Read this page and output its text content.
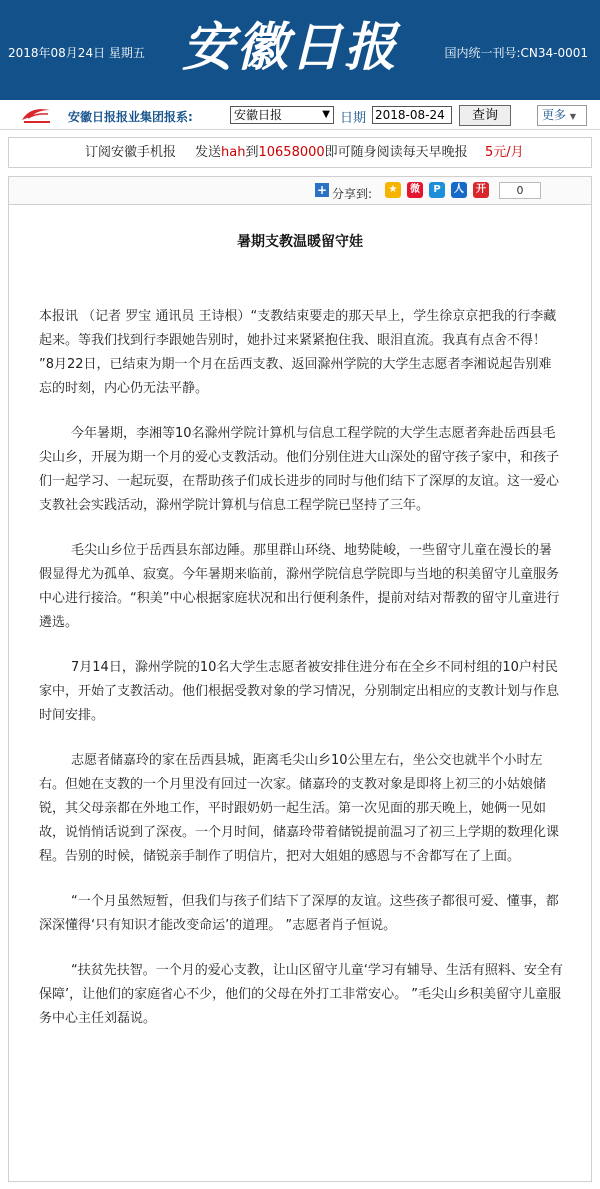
2018年08月24日 星期五 安徽日报	国内统一刊号:CN34-0001
安徽日报报业集团报系:	安徽日报	▼ 日期 2018-08-24	查询	更多 ▼
订阅安徽手机报 发送hah到10658000即可随身阅读每天早晚报 5元/月
+ 分享到:	★	微	P	人	开	0
暑期支教温暖留守娃

本报讯 （记者 罗宝 通讯员 王诗根）“支教结束要走的那天早上，学生徐京京把我的行李藏起来。等我们找到行李跟她告别时，她扑过来紧紧抱住我、眼泪直流。我真有点舍不得！ ”8月22日，已结束为期一个月在岳西支教、返回滁州学院的大学生志愿者李湘说起告别难忘的时刻，内心仍无法平静。

今年暑期，李湘等10名滁州学院计算机与信息工程学院的大学生志愿者奔赴岳西县毛尖山乡，开展为期一个月的爱心支教活动。他们分别住进大山深处的留守孩子家中，和孩子们一起学习、一起玩耍，在帮助孩子们成长进步的同时与他们结下了深厚的友谊。这一爱心支教社会实践活动，滁州学院计算机与信息工程学院已坚持了三年。

毛尖山乡位于岳西县东部边陲。那里群山环绕、地势陡峻，一些留守儿童在漫长的暑假显得尤为孤单、寂寞。今年暑期来临前，滁州学院信息学院即与当地的积美留守儿童服务中心进行接洽。“积美”中心根据家庭状况和出行便利条件，提前对结对帮教的留守儿童进行遴选。

7月14日，滁州学院的10名大学生志愿者被安排住进分布在全乡不同村组的10户村民家中，开始了支教活动。他们根据受教对象的学习情况，分别制定出相应的支教计划与作息时间安排。

志愿者储嘉玲的家在岳西县城，距离毛尖山乡10公里左右，坐公交也就半个小时左右。但她在支教的一个月里没有回过一次家。储嘉玲的支教对象是即将上初三的小姑娘储锐，其父母亲都在外地工作，平时跟奶奶一起生活。第一次见面的那天晚上，她俩一见如故，说悄悄话说到了深夜。一个月时间，储嘉玲带着储锐提前温习了初三上学期的数理化课程。告别的时候，储锐亲手制作了明信片，把对大姐姐的感恩与不舍都写在了上面。

“一个月虽然短暂，但我们与孩子们结下了深厚的友谊。这些孩子都很可爱、懂事，都深深懂得‘只有知识才能改变命运’的道理。 ”志愿者肖子恒说。

“扶贫先扶智。一个月的爱心支教，让山区留守儿童‘学习有辅导、生活有照料、安全有保障’，让他们的家庭省心不少，他们的父母在外打工非常安心。 ”毛尖山乡积美留守儿童服务中心主任刘磊说。
